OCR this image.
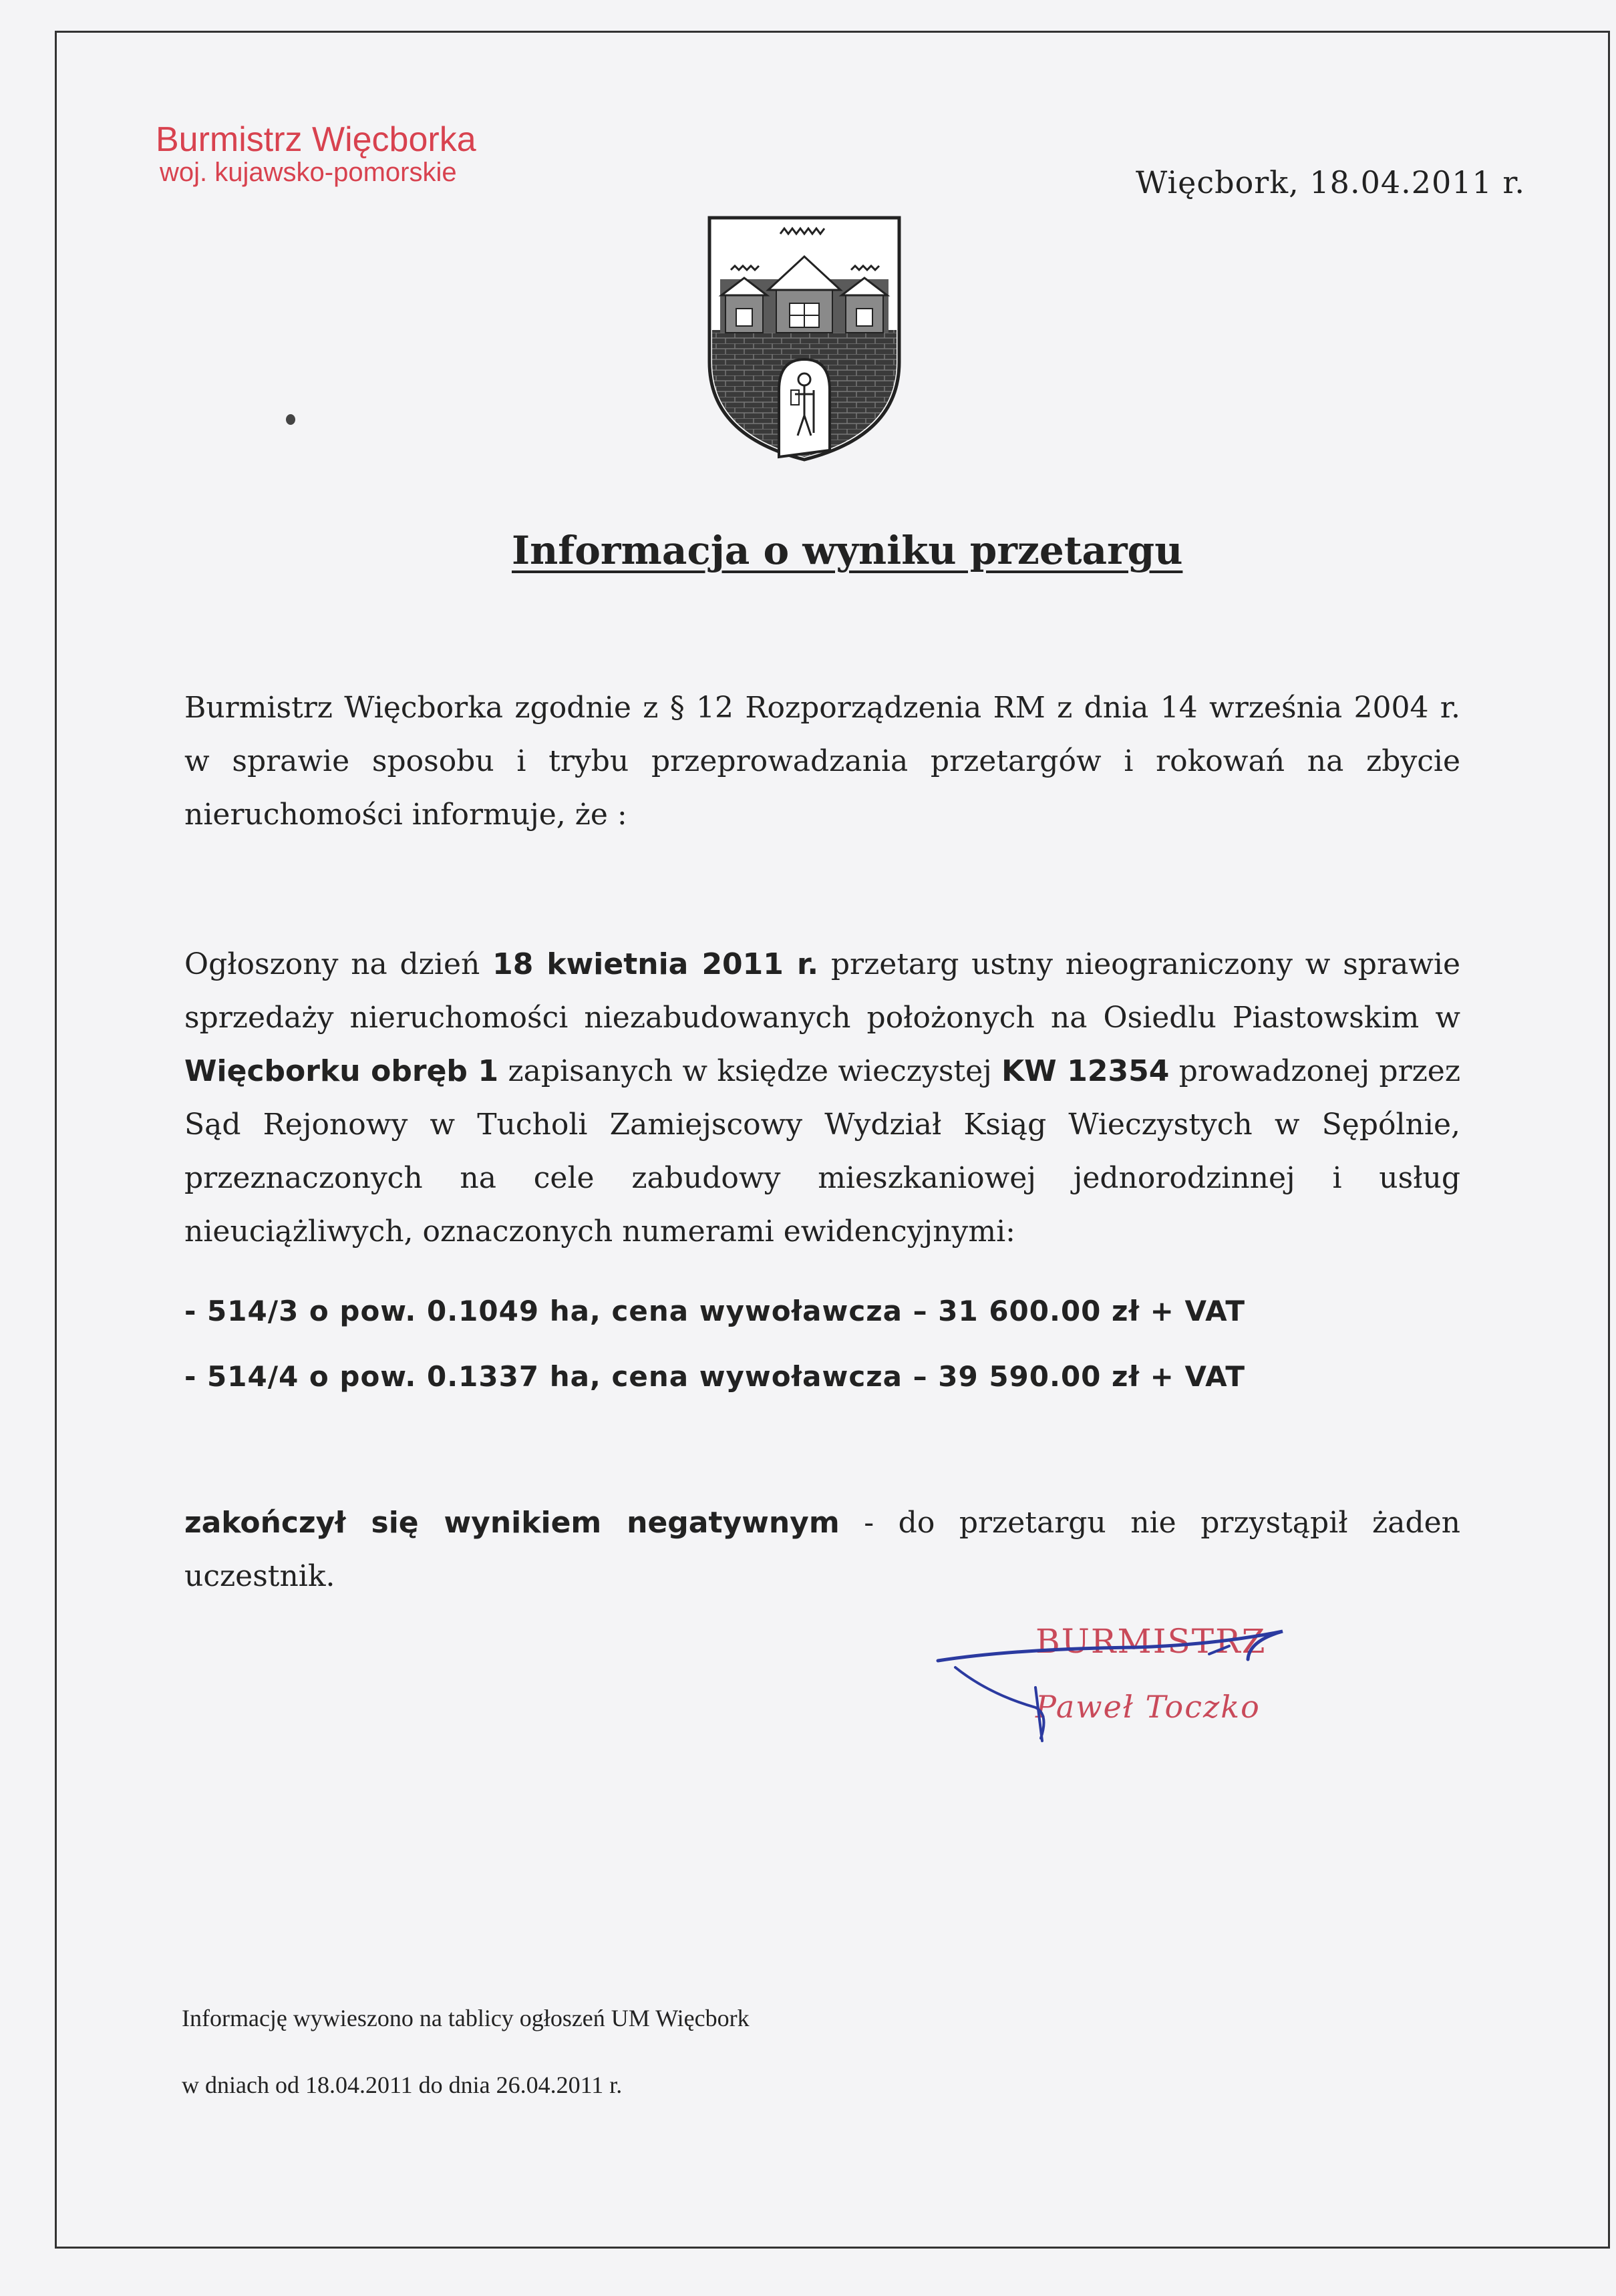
Burmistrz Więcborka
woj. kujawsko-pomorskie	Więcbork, 18.04.2011 r.
Informacja o wyniku przetargu
Burmistrz Więcborka zgodnie z § 12 Rozporządzenia RM z dnia 14 września 2004 r. w sprawie sposobu i trybu przeprowadzania przetargów i rokowań na zbycie nieruchomości informuje, że :
Ogłoszony na dzień 18 kwietnia 2011 r. przetarg ustny nieograniczony w sprawie sprzedaży nieruchomości niezabudowanych położonych na Osiedlu Piastowskim w Więcborku obręb 1 zapisanych w księdze wieczystej KW 12354 prowadzonej przez Sąd Rejonowy w Tucholi Zamiejscowy Wydział Ksiąg Wieczystych w Sępólnie, przeznaczonych na cele zabudowy mieszkaniowej jednorodzinnej i usług nieuciążliwych, oznaczonych numerami ewidencyjnymi:
- 514/3 o pow. 0.1049 ha, cena wywoławcza – 31 600.00 zł + VAT
- 514/4 o pow. 0.1337 ha, cena wywoławcza – 39 590.00 zł + VAT
zakończył się wynikiem negatywnym - do przetargu nie przystąpił żaden uczestnik.
BURMISTRZ
Paweł Toczko
Informację wywieszono na tablicy ogłoszeń UM Więcbork
w dniach od 18.04.2011 do dnia 26.04.2011 r.
